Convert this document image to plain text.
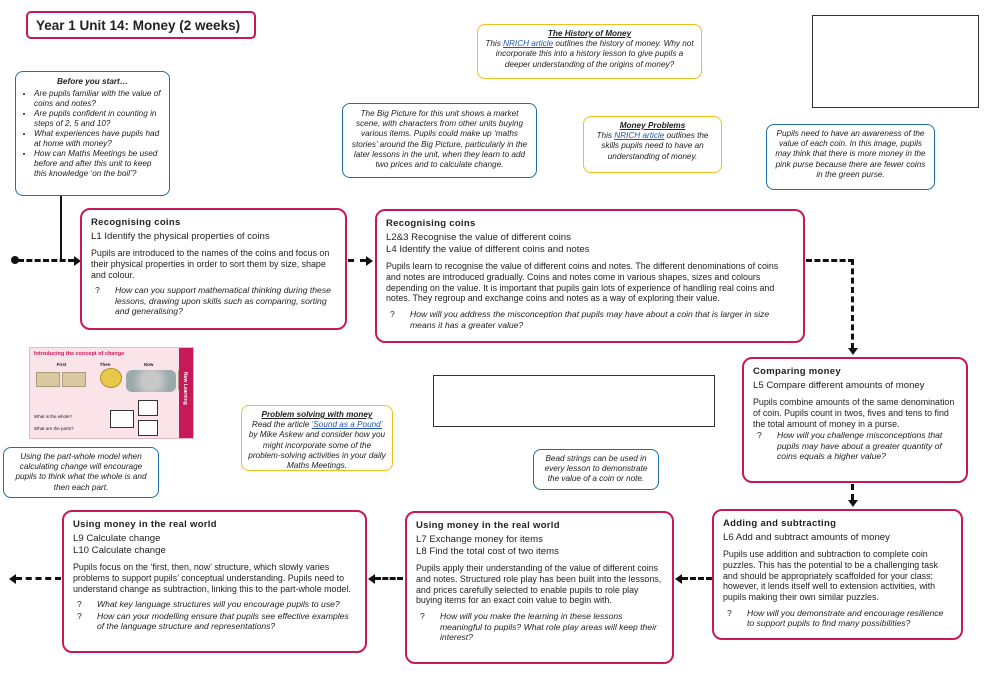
Year 1 Unit 14: Money (2 weeks)
The History of Money
This NRICH article outlines the history of money. Why not incorporate this into a history lesson to give pupils a deeper understanding of the origins of money?
Before you start…
• Are pupils familiar with the value of coins and notes?
• Are pupils confident in counting in steps of 2, 5 and 10?
• What experiences have pupils had at home with money?
• How can Maths Meetings be used before and after this unit to keep this knowledge ‘on the boil’?
The Big Picture for this unit shows a market scene, with characters from other units buying various items. Pupils could make up ‘maths stories’ around the Big Picture, particularly in the later lessons in the unit, when they learn to add two prices and to calculate change.
Money Problems
This NRICH article outlines the skills pupils need to have an understanding of money.
Pupils need to have an awareness of the value of each coin. In this image, pupils may think that there is more money in the pink purse because there are fewer coins in the green purse.
Recognising coins
L1 Identify the physical properties of coins
Pupils are introduced to the names of the coins and focus on their physical properties in order to sort them by size, shape and colour.
?	How can you support mathematical thinking during these lessons, drawing upon skills such as comparing, sorting and generalising?
Recognising coins
L2&3 Recognise the value of different coins
L4 Identify the value of different coins and notes
Pupils learn to recognise the value of different coins and notes. The different denominations of coins and notes are introduced gradually. Coins and notes come in various shapes, sizes and colours depending on the value. It is important that pupils gain lots of experience of handling real coins and notes. They regroup and exchange coins and notes as a way of exploring their value.
?	How will you address the misconception that pupils may have about a coin that is larger in size means it has a greater value?
Comparing money
L5 Compare different amounts of money
Pupils combine amounts of the same denomination of coin. Pupils count in twos, fives and tens to find the total amount of money in a purse.
?	How will you challenge misconceptions that pupils may have about a greater quantity of coins equals a higher value?
Adding and subtracting
L6 Add and subtract amounts of money
Pupils use addition and subtraction to complete coin puzzles. This has the potential to be a challenging task and should be appropriately scaffolded for your class; however, it lends itself well to extension activities, with pupils making their own similar puzzles.
?	How will you demonstrate and encourage resilience to support pupils to find many possibilities?
Using money in the real world
L7 Exchange money for items
L8 Find the total cost of two items
Pupils apply their understanding of the value of different coins and notes. Structured role play has been built into the lessons, and prices carefully selected to enable pupils to role play buying items for an exact coin value to begin with.
?	How will you make the learning in these lessons meaningful to pupils? What role play areas will keep their interest?
Using money in the real world
L9 Calculate change
L10 Calculate change
Pupils focus on the ‘first, then, now’ structure, which slowly varies problems to support pupils’ conceptual understanding. Pupils need to understand change as subtraction, linking this to the part-whole model.
?	What key language structures will you encourage pupils to use?
?	How can your modelling ensure that pupils see effective examples of the language structure and representations?
Introducing the concept of change
First	Then	Now
What is the whole?
What are the parts?
New Learning
Problem solving with money
Read the article ‘Sound as a Pound’ by Mike Askew and consider how you might incorporate some of the problem-solving activities in your daily Maths Meetings.
Using the part-whole model when calculating change will encourage pupils to think what the whole is and then each part.
Bead strings can be used in every lesson to demonstrate the value of a coin or note.
